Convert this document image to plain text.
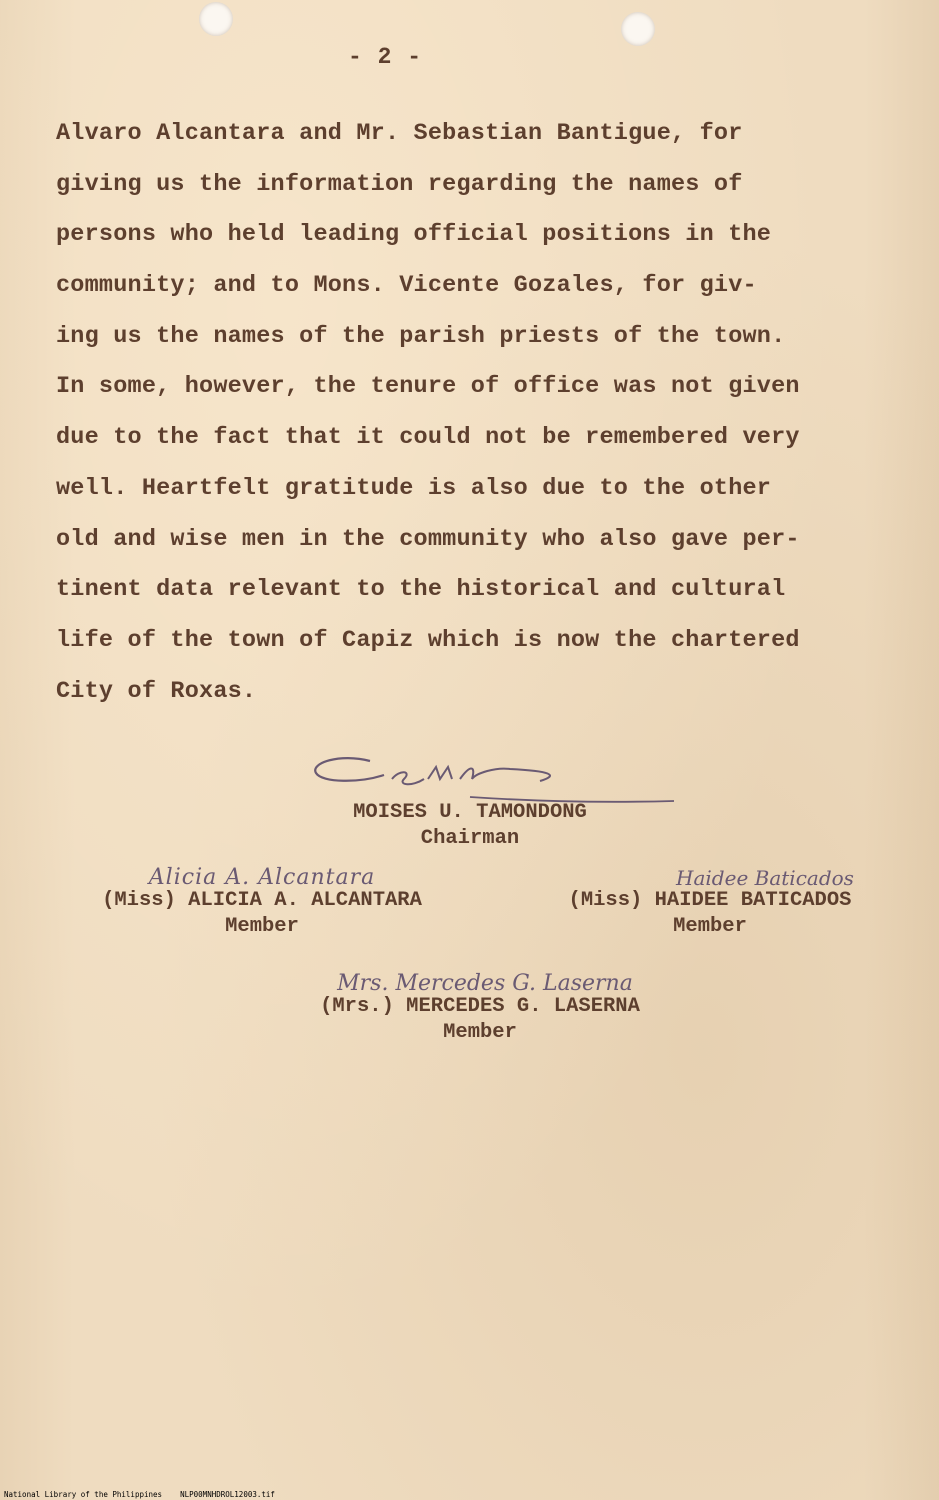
- 2 -
Alvaro Alcantara and Mr. Sebastian Bantigue, for
giving us the information regarding the names of
persons who held leading official positions in the
community; and to Mons. Vicente Gozales, for giv-
ing us the names of the parish priests of the town.
In some, however, the tenure of office was not given
due to the fact that it could not be remembered very
well. Heartfelt gratitude is also due to the other
old and wise men in the community who also gave per-
tinent data relevant to the historical and cultural
life of the town of Capiz which is now the chartered
City of Roxas.
MOISES U. TAMONDONG
Chairman
Alicia A. Alcantara
(Miss) ALICIA A. ALCANTARA
Member
Haidee Baticados
(Miss) HAIDEE BATICADOS
Member
Mrs. Mercedes G. Laserna
(Mrs.) MERCEDES G. LASERNA
Member
National Library of the Philippines NLP00MNHDROL12003.tif
